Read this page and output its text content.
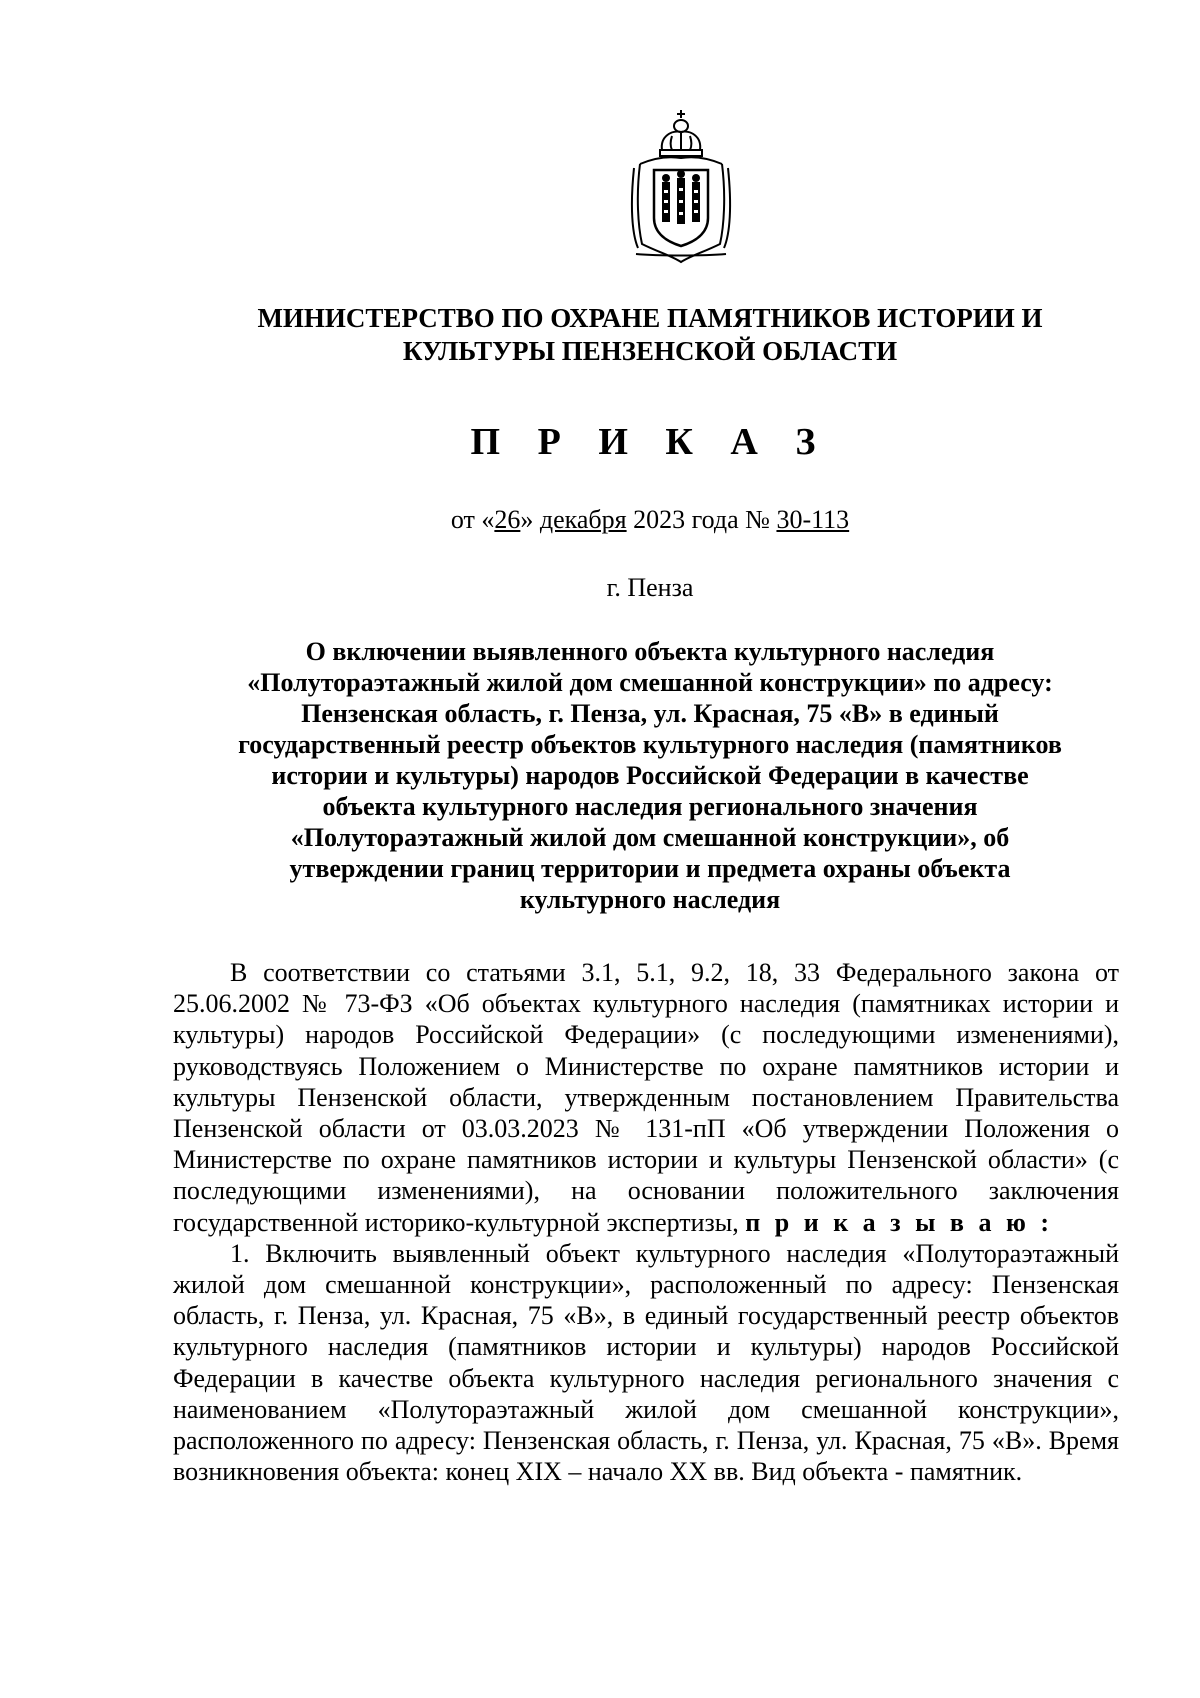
МИНИСТЕРСТВО ПО ОХРАНЕ ПАМЯТНИКОВ ИСТОРИИ И
КУЛЬТУРЫ ПЕНЗЕНСКОЙ ОБЛАСТИ
П Р И К А З
от «26» декабря 2023 года № 30-113
г. Пенза
О включении выявленного объекта культурного наследия
«Полутораэтажный жилой дом смешанной конструкции» по адресу:
Пензенская область, г. Пенза, ул. Красная, 75 «В» в единый
государственный реестр объектов культурного наследия (памятников
истории и культуры) народов Российской Федерации в качестве
объекта культурного наследия регионального значения
«Полутораэтажный жилой дом смешанной конструкции», об
утверждении границ территории и предмета охраны объекта
культурного наследия

В соответствии со статьями 3.1, 5.1, 9.2, 18, 33 Федерального закона от 25.06.2002 № 73-ФЗ «Об объектах культурного наследия (памятниках истории и культуры) народов Российской Федерации» (с последующими изменениями), руководствуясь Положением о Министерстве по охране памятников истории и культуры Пензенской области, утвержденным постановлением Правительства Пензенской области от 03.03.2023 № 131-пП «Об утверждении Положения о Министерстве по охране памятников истории и культуры Пензенской области» (с последующими изменениями), на основании положительного заключения государственной историко-культурной экспертизы, п р и к а з ы в а ю :

1. Включить выявленный объект культурного наследия «Полутораэтажный жилой дом смешанной конструкции», расположенный по адресу: Пензенская область, г. Пенза, ул. Красная, 75 «В», в единый государственный реестр объектов культурного наследия (памятников истории и культуры) народов Российской Федерации в качестве объекта культурного наследия регионального значения с наименованием «Полутораэтажный жилой дом смешанной конструкции», расположенного по адресу: Пензенская область, г. Пенза, ул. Красная, 75 «В». Время возникновения объекта: конец XIX – начало XX вв. Вид объекта - памятник.
